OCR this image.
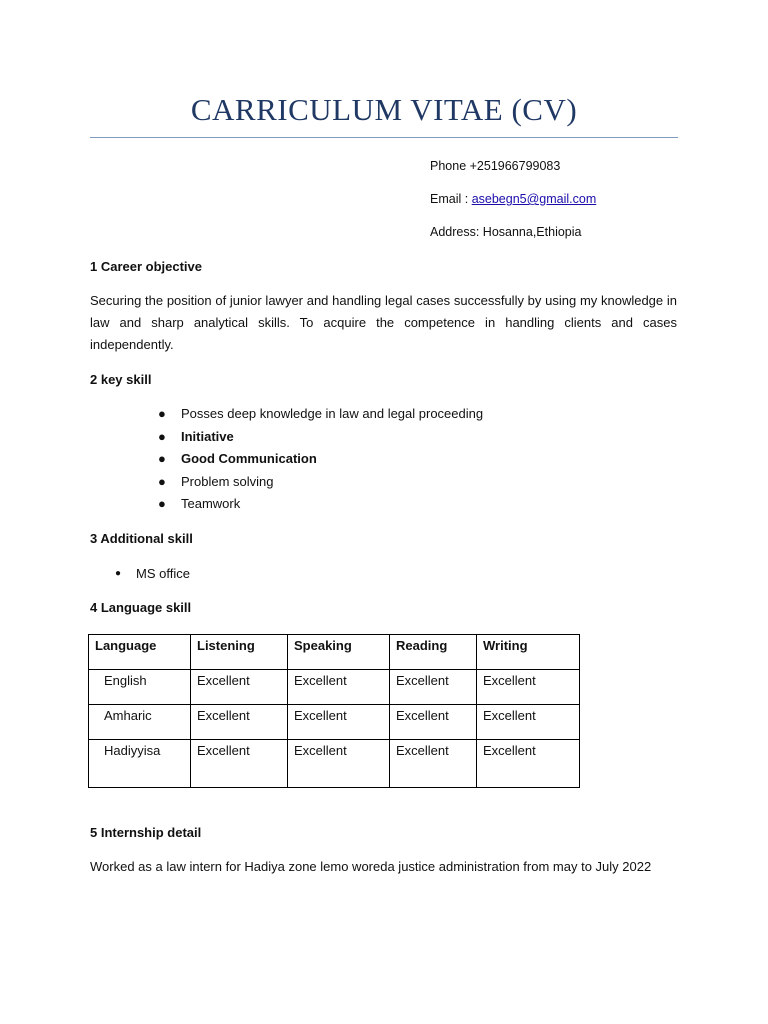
CARRICULUM VITAE (CV)
Phone +251966799083
Email : asebegn5@gmail.com
Address: Hosanna,Ethiopia
1 Career objective
Securing the position of junior lawyer and handling legal cases successfully by using my knowledge in law and sharp analytical skills. To acquire the competence in handling clients and cases independently.
2 key skill
● Posses deep knowledge in law and legal proceeding
● Initiative
● Good Communication
● Problem solving
● Teamwork
3 Additional skill
● MS office
4 Language skill
Language	Listening	Speaking	Reading	Writing
English	Excellent	Excellent	Excellent	Excellent
Amharic	Excellent	Excellent	Excellent	Excellent
Hadiyyisa	Excellent	Excellent	Excellent	Excellent
5 Internship detail
Worked as a law intern for Hadiya zone lemo woreda justice administration from may to July 2022
